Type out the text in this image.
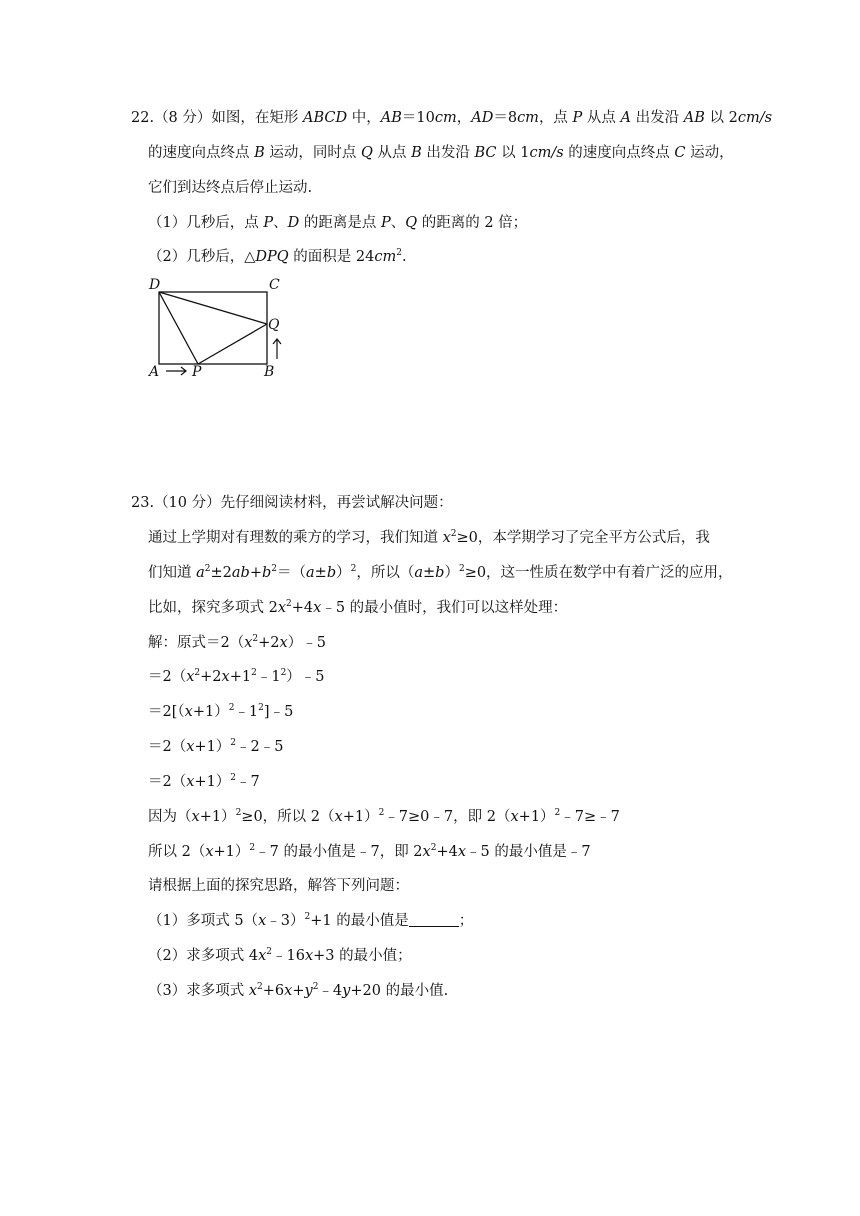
22.（8 分）如图，在矩形 ABCD 中，AB＝10cm，AD＝8cm，点 P 从点 A 出发沿 AB 以 2cm/s
的速度向点终点 B 运动，同时点 Q 从点 B 出发沿 BC 以 1cm/s 的速度向点终点 C 运动，
它们到达终点后停止运动.
（1）几秒后，点 P、D 的距离是点 P、Q 的距离的 2 倍；
（2）几秒后，△DPQ 的面积是 $24cm^2$.
D	C
Q
A P	B
23.（10 分）先仔细阅读材料，再尝试解决问题：
通过上学期对有理数的乘方的学习，我们知道 $x^2\ge 0$，本学期学习了完全平方公式后，我
们知道 $a^2\pm 2ab+b^2=(a\pm b)^2$，所以$(a\pm b)^2\ge 0$，这一性质在数学中有着广泛的应用，
比如，探究多项式 $2x^2+4x﹣5$ 的最小值时，我们可以这样处理：
解：原式$=2(x^2+2x)﹣5$
$=2(x^2+2x+1^2﹣1^2)﹣5$
$=2[(x+1)^2﹣1^2]﹣5$
$=2(x+1)^2﹣2﹣5$
$=2(x+1)^2﹣7$
因为$(x+1)^2\ge 0$，所以 $2(x+1)^2﹣7\ge 0﹣7$，即 $2(x+1)^2﹣7\ge﹣7$
所以 $2(x+1)^2﹣7$ 的最小值是﹣7，即 $2x^2+4x﹣5$ 的最小值是﹣7
请根据上面的探究思路，解答下列问题：
（1）多项式 5（x﹣3）$^2$+1 的最小值是	；
（2）求多项式 $4x^2﹣16x+3$ 的最小值；
（3）求多项式 $x^2+6x+y^2﹣4y+20$ 的最小值.
